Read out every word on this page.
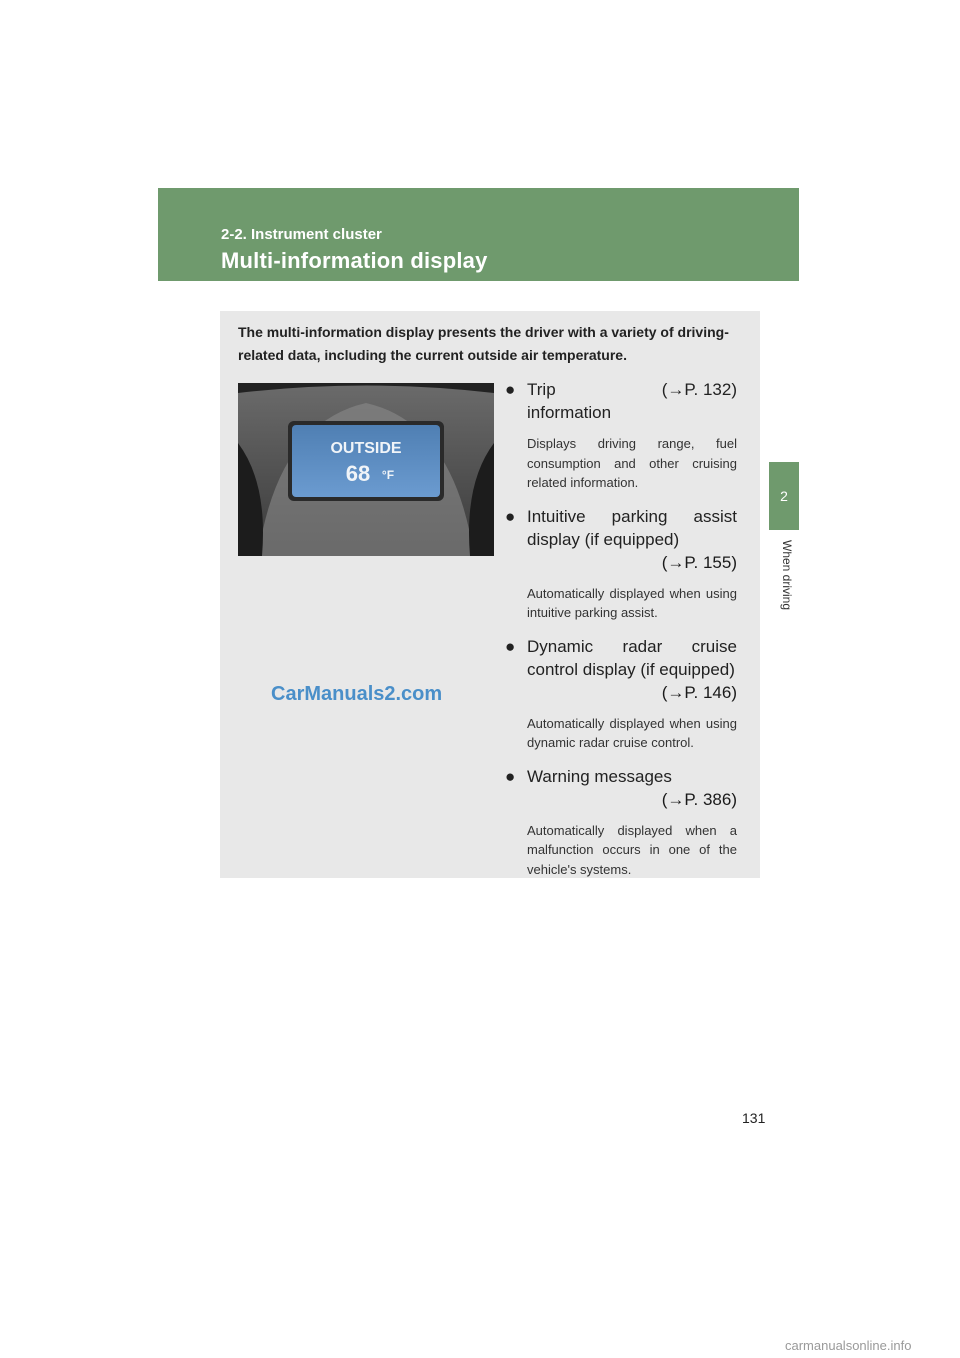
2-2. Instrument cluster
Multi-information display
2
When driving
The multi-information display presents the driver with a variety of driving-related data, including the current outside air temperature.
OUTSIDE
68 °F
CarManuals2.com
● Trip information
(→P. 132)
Displays driving range, fuel consumption and other cruising related information.
● Intuitive parking assist display (if equipped)
(→P. 155)
Automatically displayed when using intuitive parking assist.
● Dynamic radar cruise control display (if equipped)
(→P. 146)
Automatically displayed when using dynamic radar cruise control.
● Warning messages
(→P. 386)
Automatically displayed when a malfunction occurs in one of the vehicle's systems.
131
carmanualsonline.info
